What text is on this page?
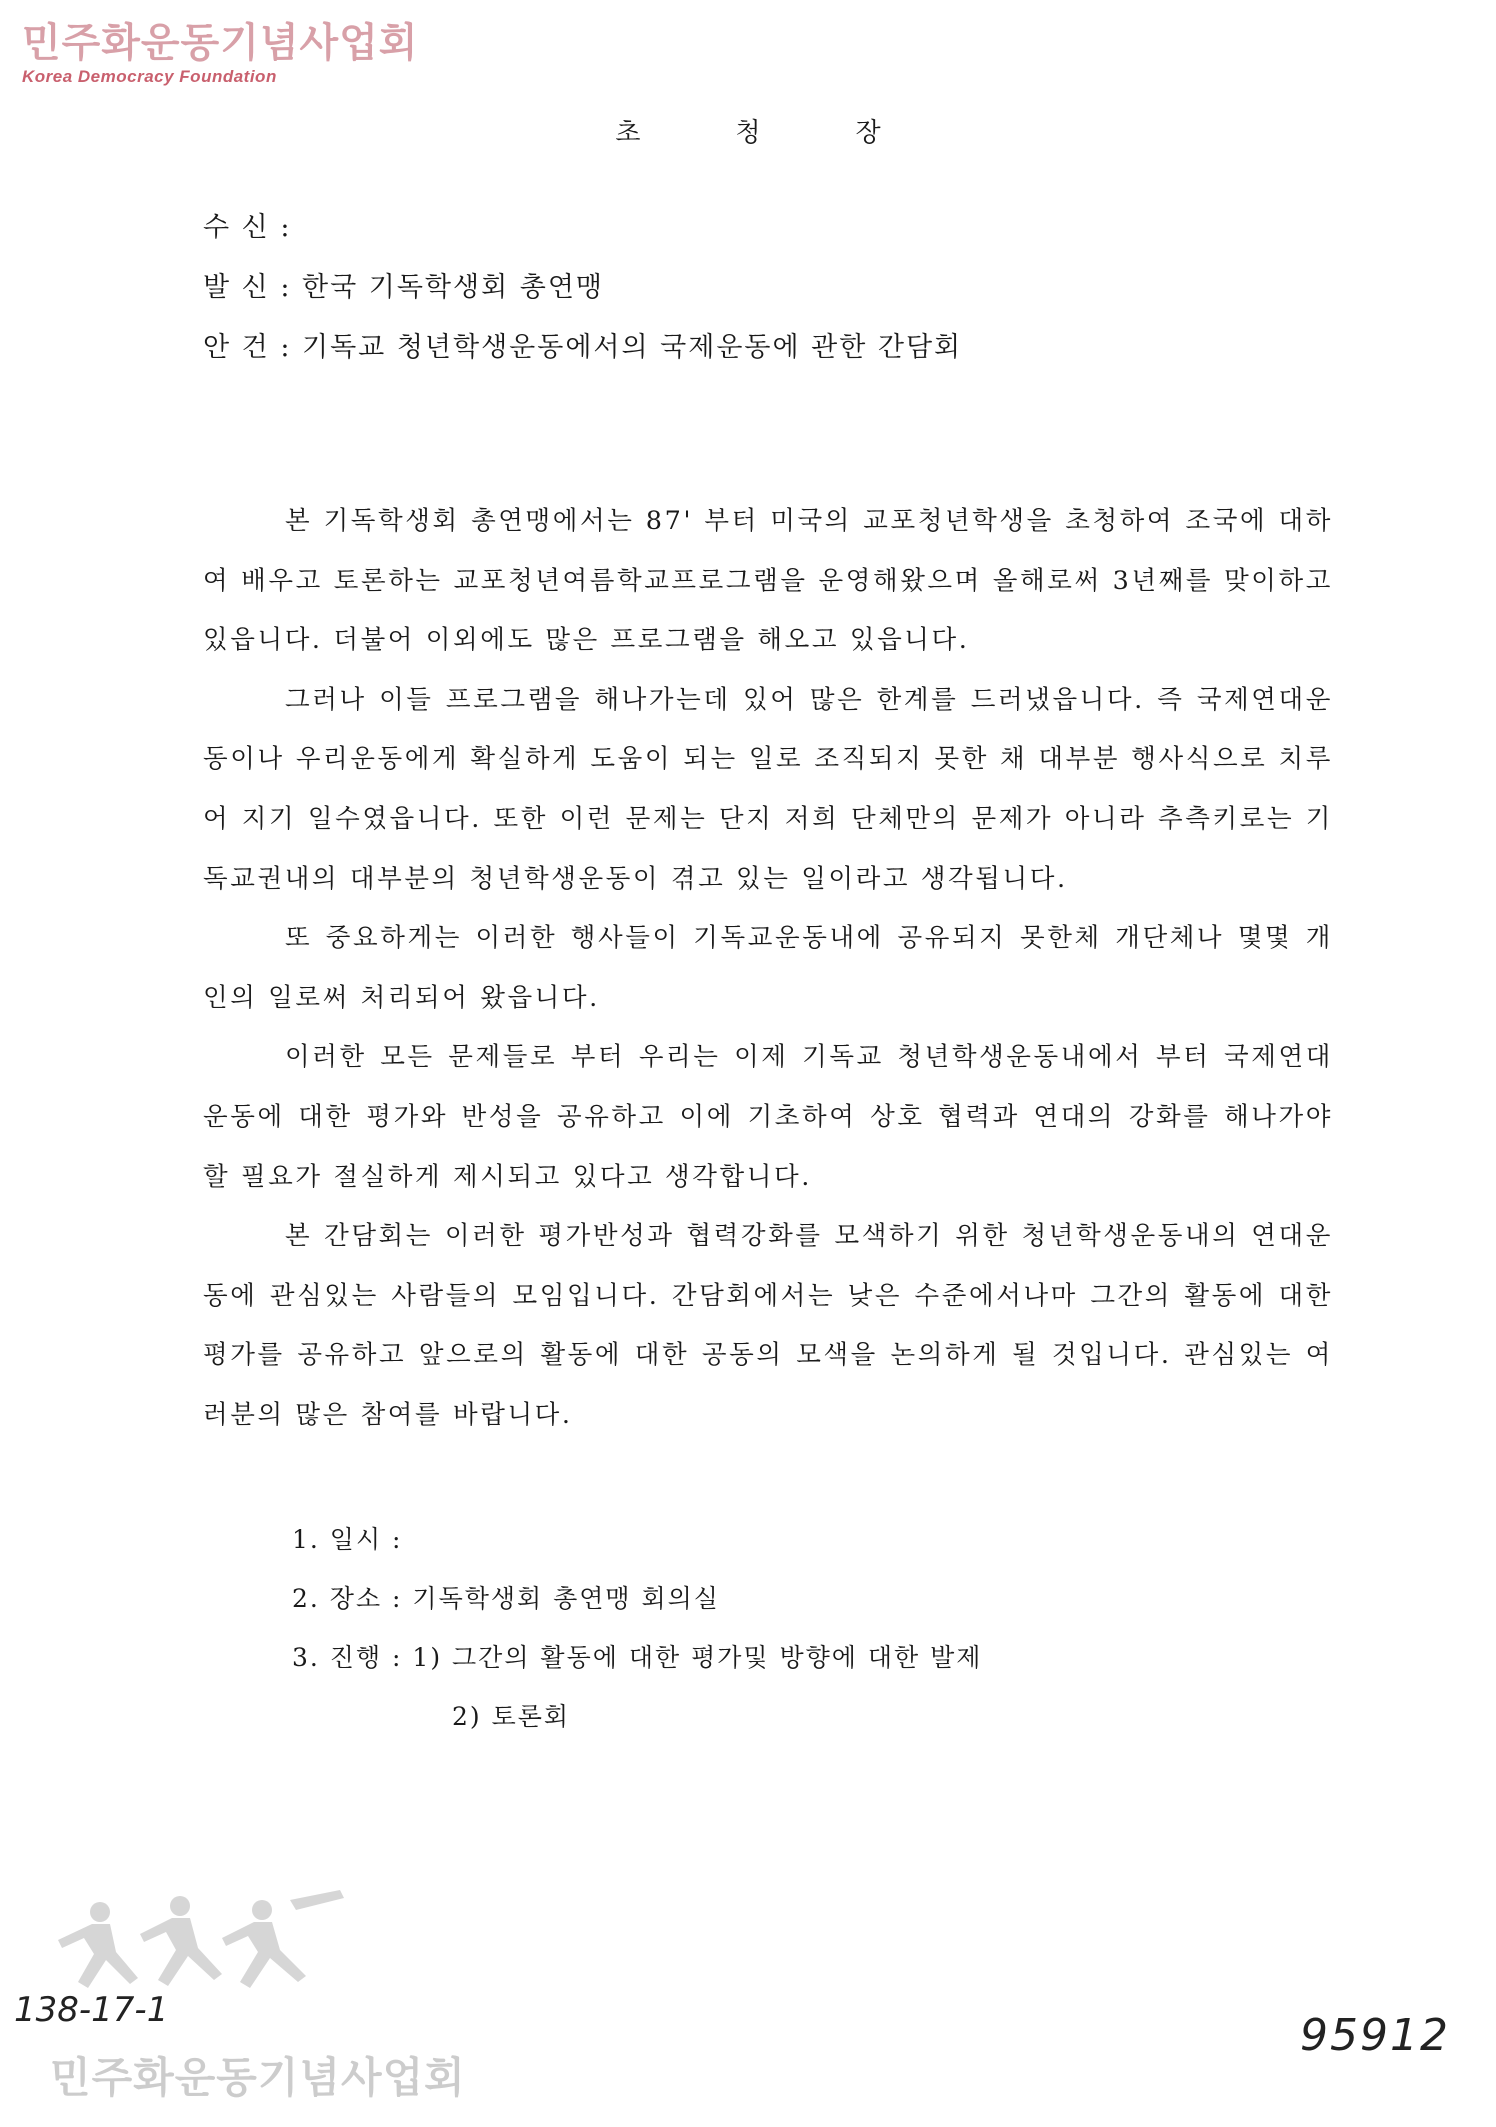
민주화운동기념사업회
Korea Democracy Foundation
초청장
수 신 :
발 신 : 한국 기독학생회 총연맹
안 건 : 기독교 청년학생운동에서의 국제운동에 관한 간담회

본 기독학생회 총연맹에서는 87' 부터 미국의 교포청년학생을 초청하여 조국에 대하여 배우고 토론하는 교포청년여름학교프로그램을 운영해왔으며 올해로써 3년째를 맞이하고 있읍니다. 더불어 이외에도 많은 프로그램을 해오고 있읍니다.

그러나 이들 프로그램을 해나가는데 있어 많은 한계를 드러냈읍니다. 즉 국제연대운동이나 우리운동에게 확실하게 도움이 되는 일로 조직되지 못한 채 대부분 행사식으로 치루어 지기 일수였읍니다. 또한 이런 문제는 단지 저희 단체만의 문제가 아니라 추측키로는 기독교권내의 대부분의 청년학생운동이 겪고 있는 일이라고 생각됩니다.

또 중요하게는 이러한 행사들이 기독교운동내에 공유되지 못한체 개단체나 몇몇 개인의 일로써 처리되어 왔읍니다.

이러한 모든 문제들로 부터 우리는 이제 기독교 청년학생운동내에서 부터 국제연대운동에 대한 평가와 반성을 공유하고 이에 기초하여 상호 협력과 연대의 강화를 해나가야 할 필요가 절실하게 제시되고 있다고 생각합니다.

본 간담회는 이러한 평가반성과 협력강화를 모색하기 위한 청년학생운동내의 연대운동에 관심있는 사람들의 모임입니다. 간담회에서는 낮은 수준에서나마 그간의 활동에 대한 평가를 공유하고 앞으로의 활동에 대한 공동의 모색을 논의하게 될 것입니다. 관심있는 여러분의 많은 참여를 바랍니다.

1. 일시 :
2. 장소 : 기독학생회 총연맹 회의실
3. 진행 : 1) 그간의 활동에 대한 평가및 방향에 대한 발제
2) 토론회
138-17-1	95912
민주화운동기념사업회
